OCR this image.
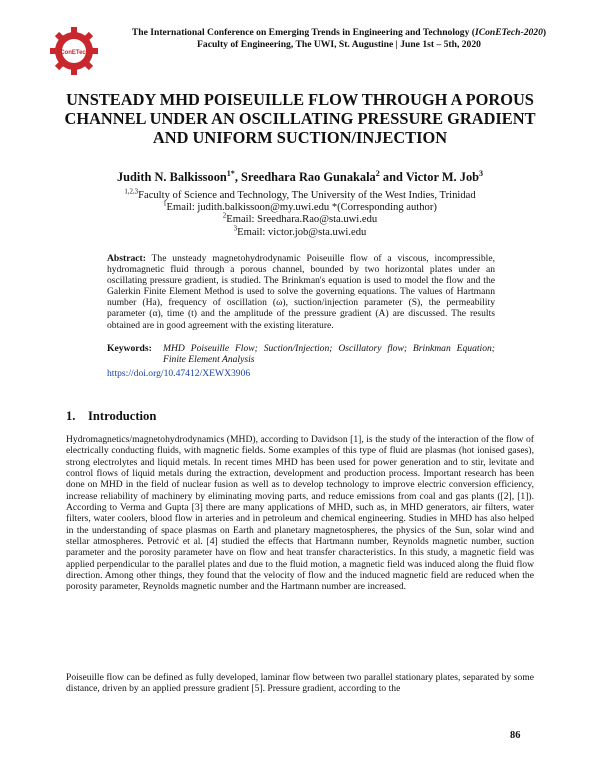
IConETech
The International Conference on Emerging Trends in Engineering and Technology (IConETech-2020)
Faculty of Engineering, The UWI, St. Augustine | June 1st – 5th, 2020
UNSTEADY MHD POISEUILLE FLOW THROUGH A POROUS CHANNEL UNDER AN OSCILLATING PRESSURE GRADIENT AND UNIFORM SUCTION/INJECTION
Judith N. Balkissoon$^{1*}$, Sreedhara Rao Gunakala$^2$ and Victor M. Job$^3$
$^{1,2,3}$Faculty of Science and Technology, The University of the West Indies, Trinidad
$^1$Email: judith.balkissoon@my.uwi.edu *(Corresponding author)
$^2$Email: Sreedhara.Rao@sta.uwi.edu
$^3$Email: victor.job@sta.uwi.edu
Abstract: The unsteady magnetohydrodynamic Poiseuille flow of a viscous, incompressible, hydromagnetic fluid through a porous channel, bounded by two horizontal plates under an oscillating pressure gradient, is studied. The Brinkman's equation is used to model the flow and the Galerkin Finite Element Method is used to solve the governing equations. The values of Hartmann number (Ha), frequency of oscillation (ω), suction/injection parameter (S), the permeability parameter (α), time (t) and the amplitude of the pressure gradient (A) are discussed. The results obtained are in good agreement with the existing literature.
Keywords:	MHD Poiseuille Flow; Suction/Injection; Oscillatory flow; Brinkman Equation; Finite Element Analysis
https://doi.org/10.47412/XEWX3906
1. Introduction
Hydromagnetics/magnetohydrodynamics (MHD), according to Davidson [1], is the study of the interaction of the flow of electrically conducting fluids, with magnetic fields. Some examples of this type of fluid are plasmas (hot ionised gases), strong electrolytes and liquid metals. In recent times MHD has been used for power generation and to stir, levitate and control flows of liquid metals during the extraction, development and production process. Important research has been done on MHD in the field of nuclear fusion as well as to develop technology to improve electric conversion efficiency, increase reliability of machinery by eliminating moving parts, and reduce emissions from coal and gas plants ([2], [1]). According to Verma and Gupta [3] there are many applications of MHD, such as, in MHD generators, air filters, water filters, water coolers, blood flow in arteries and in petroleum and chemical engineering. Studies in MHD has also helped in the understanding of space plasmas on Earth and planetary magnetospheres, the physics of the Sun, solar wind and stellar atmospheres. Petrović et al. [4] studied the effects that Hartmann number, Reynolds magnetic number, suction parameter and the porosity parameter have on flow and heat transfer characteristics. In this study, a magnetic field was applied perpendicular to the parallel plates and due to the fluid motion, a magnetic field was induced along the fluid flow direction. Among other things, they found that the velocity of flow and the induced magnetic field are reduced when the porosity parameter, Reynolds magnetic number and the Hartmann number are increased.
Poiseuille flow can be defined as fully developed, laminar flow between two parallel stationary plates, separated by some distance, driven by an applied pressure gradient [5]. Pressure gradient, according to the
86
